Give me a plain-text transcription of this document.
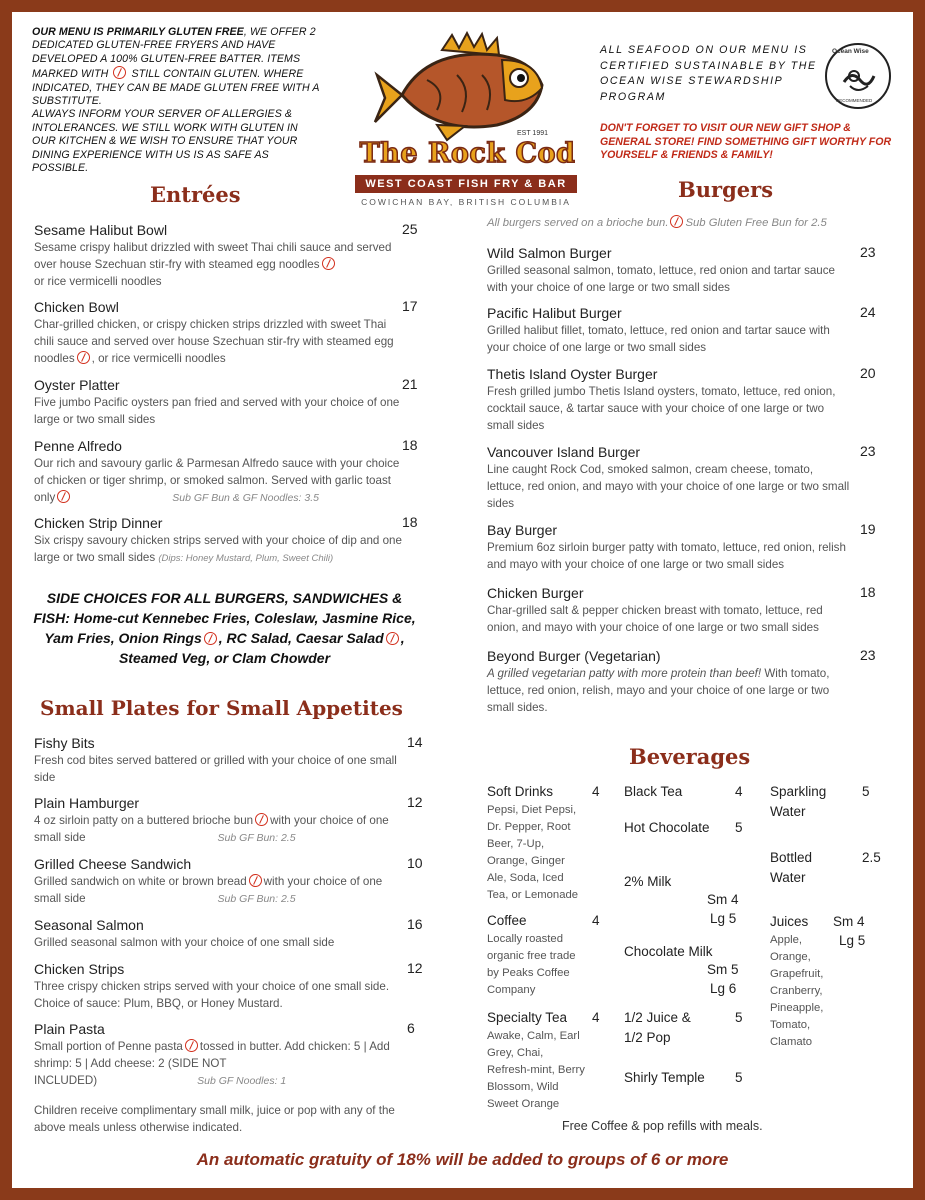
OUR MENU IS PRIMARILY GLUTEN FREE, WE OFFER 2 DEDICATED GLUTEN-FREE FRYERS AND HAVE DEVELOPED A 100% GLUTEN-FREE BATTER. ITEMS MARKED WITH STILL CONTAIN GLUTEN. WHERE INDICATED, THEY CAN BE MADE GLUTEN FREE WITH A SUBSTITUTE.
ALWAYS INFORM YOUR SERVER OF ALLERGIES & INTOLERANCES. WE STILL WORK WITH GLUTEN IN OUR KITCHEN & WE WISH TO ENSURE THAT YOUR DINING EXPERIENCE WITH US IS AS SAFE AS POSSIBLE.
EST 1991
The Rock Cod
WEST COAST FISH FRY & BAR
COWICHAN BAY, BRITISH COLUMBIA
ALL SEAFOOD ON OUR MENU IS CERTIFIED SUSTAINABLE BY THE OCEAN WISE STEWARDSHIP PROGRAM
Ocean Wise
RECOMMENDED
DON'T FORGET TO VISIT OUR NEW GIFT SHOP & GENERAL STORE! FIND SOMETHING GIFT WORTHY FOR YOURSELF & FRIENDS & FAMILY!
Entrées
Sesame Halibut Bowl
Sesame crispy halibut drizzled with sweet Thai chili sauce and served over house Szechuan stir-fry with steamed egg noodles
or rice vermicelli noodles
25
Chicken Bowl
Char-grilled chicken, or crispy chicken strips drizzled with sweet Thai chili sauce and served over house Szechuan stir-fry with steamed egg noodles , or rice vermicelli noodles
17
Oyster Platter
Five jumbo Pacific oysters pan fried and served with your choice of one large or two small sides
21
Penne Alfredo
Our rich and savoury garlic & Parmesan Alfredo sauce with your choice of chicken or tiger shrimp, or smoked salmon. Served with garlic toast only	Sub GF Bun & GF Noodles: 3.5
18
Chicken Strip Dinner
Six crispy savoury chicken strips served with your choice of dip and one large or two small sides (Dips: Honey Mustard, Plum, Sweet Chili)
18
SIDE CHOICES FOR ALL BURGERS, SANDWICHES &
FISH: Home-cut Kennebec Fries, Coleslaw, Jasmine Rice,
Yam Fries, Onion Rings , RC Salad, Caesar Salad ,
Steamed Veg, or Clam Chowder
Small Plates for Small Appetites
Fishy Bits
Fresh cod bites served battered or grilled with your choice of one small side
14
Plain Hamburger
4 oz sirloin patty on a buttered brioche bun with your choice of one small side	Sub GF Bun: 2.5
12
Grilled Cheese Sandwich
Grilled sandwich on white or brown bread with your choice of one small side	Sub GF Bun: 2.5
10
Seasonal Salmon
Grilled seasonal salmon with your choice of one small side
16
Chicken Strips
Three crispy chicken strips served with your choice of one small side. Choice of sauce: Plum, BBQ, or Honey Mustard.
12
Plain Pasta
Small portion of Penne pasta tossed in butter. Add chicken: 5 | Add shrimp: 5 | Add cheese: 2 (SIDE NOT INCLUDED)	Sub GF Noodles: 1
6
Children receive complimentary small milk, juice or pop with any of the above meals unless otherwise indicated.
Burgers
All burgers served on a brioche bun. Sub Gluten Free Bun for 2.5
Wild Salmon Burger
Grilled seasonal salmon, tomato, lettuce, red onion and tartar sauce with your choice of one large or two small sides
23
Pacific Halibut Burger
Grilled halibut fillet, tomato, lettuce, red onion and tartar sauce with your choice of one large or two small sides
24
Thetis Island Oyster Burger
Fresh grilled jumbo Thetis Island oysters, tomato, lettuce, red onion, cocktail sauce, & tartar sauce with your choice of one large or two small sides
20
Vancouver Island Burger
Line caught Rock Cod, smoked salmon, cream cheese, tomato, lettuce, red onion, and mayo with your choice of one large or two small sides
23
Bay Burger
Premium 6oz sirloin burger patty with tomato, lettuce, red onion, relish and mayo with your choice of one large or two small sides
19
Chicken Burger
Char-grilled salt & pepper chicken breast with tomato, lettuce, red onion, and mayo with your choice of one large or two small sides
18
Beyond Burger (Vegetarian)
A grilled vegetarian patty with more protein than beef! With tomato, lettuce, red onion, relish, mayo and your choice of one large or two small sides.
23
Beverages
Soft Drinks
Pepsi, Diet Pepsi, Dr. Pepper, Root Beer, 7-Up, Orange, Ginger Ale, Soda, Iced Tea, or Lemonade
4
Coffee
Locally roasted organic free trade by Peaks Coffee Company
4
Specialty Tea
Awake, Calm, Earl Grey, Chai, Refresh-mint, Berry Blossom, Wild Sweet Orange
4
Black Tea	4
Hot Chocolate 5
2% Milk
Sm 4
Lg 5
Chocolate Milk
Sm 5
Lg 6
1/2 Juice &
1/2 Pop
5
Shirly Temple 5
Sparkling Water
5
Bottled Water
2.5
Juices
Apple, Orange, Grapefruit, Cranberry, Pineapple, Tomato, Clamato
Sm 4
Lg 5
Free Coffee & pop refills with meals.
An automatic gratuity of 18% will be added to groups of 6 or more
